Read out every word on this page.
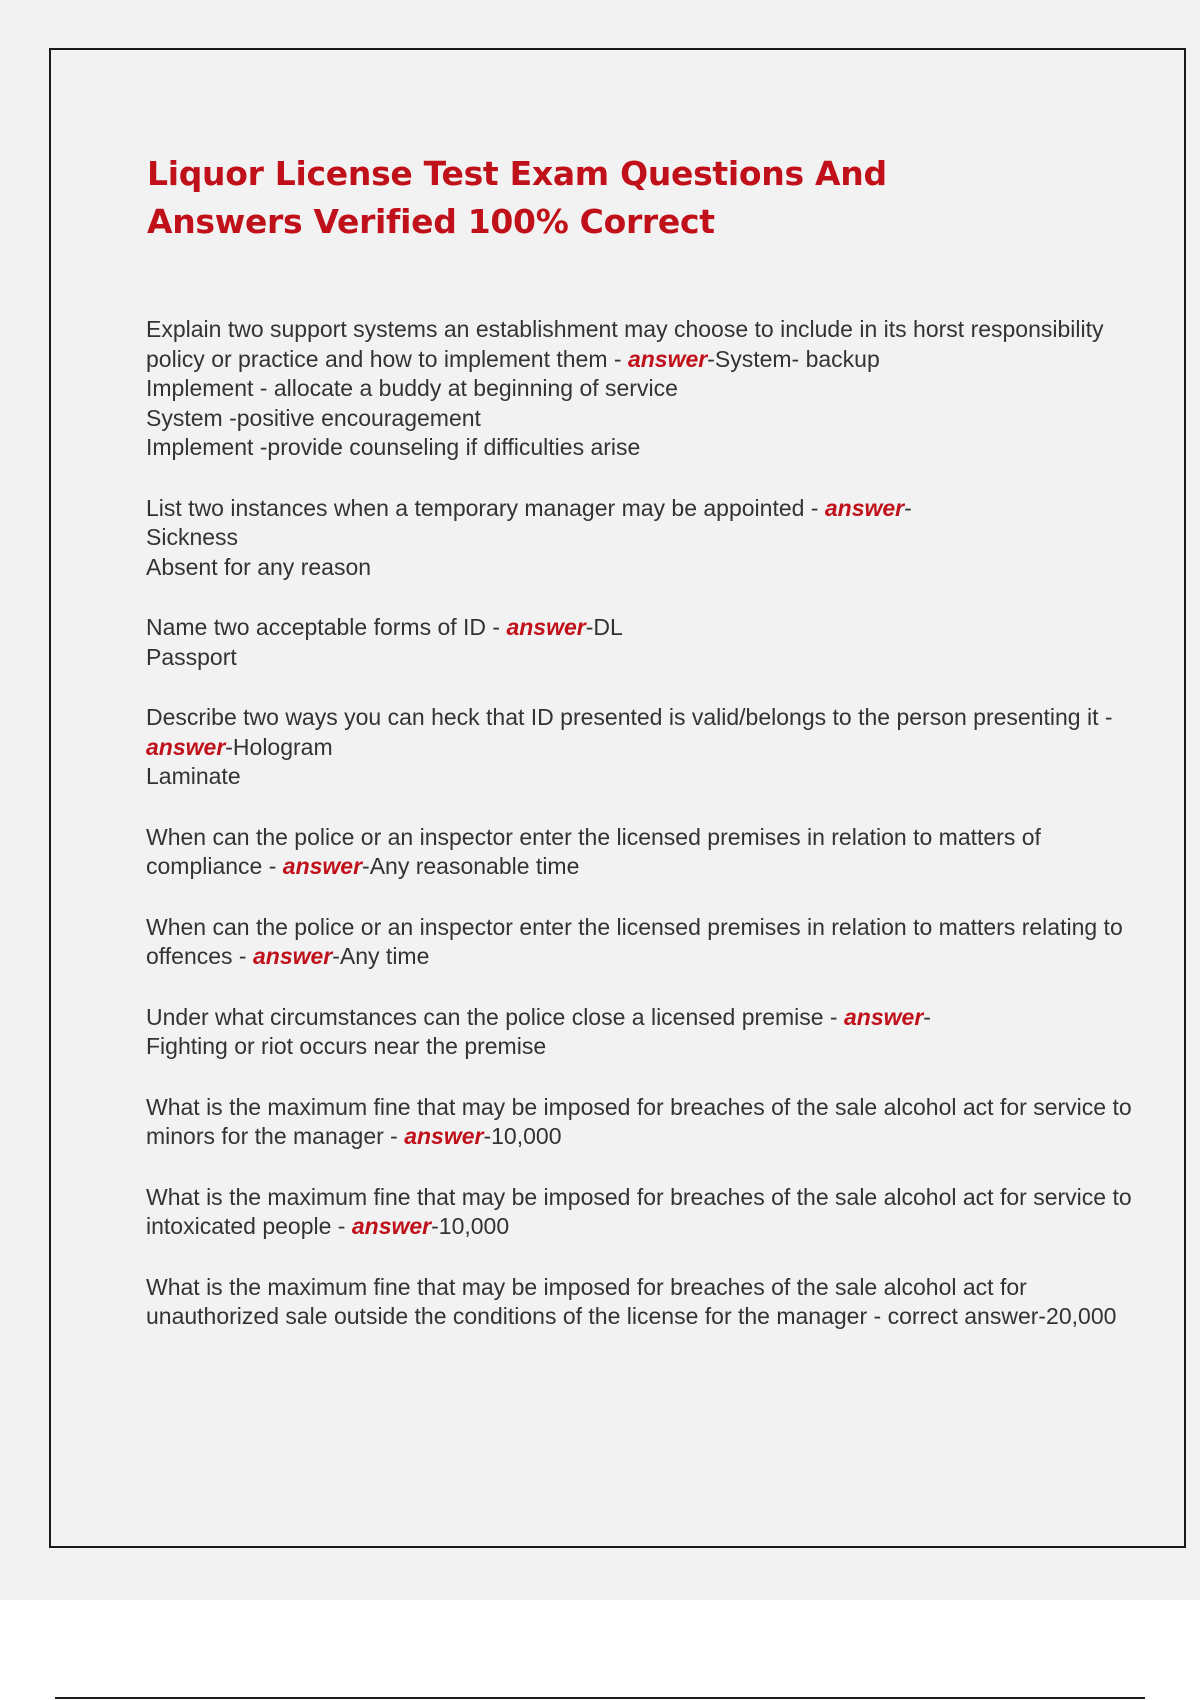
Liquor License Test Exam Questions And Answers Verified 100% Correct

Explain two support systems an establishment may choose to include in its horst responsibility policy or practice and how to implement them - answer-System- backup
Implement - allocate a buddy at beginning of service
System -positive encouragement
Implement -provide counseling if difficulties arise

List two instances when a temporary manager may be appointed - answer-
Sickness
Absent for any reason

Name two acceptable forms of ID - answer-DL
Passport

Describe two ways you can heck that ID presented is valid/belongs to the person presenting it - answer-Hologram
Laminate

When can the police or an inspector enter the licensed premises in relation to matters of compliance - answer-Any reasonable time

When can the police or an inspector enter the licensed premises in relation to matters relating to offences - answer-Any time

Under what circumstances can the police close a licensed premise - answer-
Fighting or riot occurs near the premise

What is the maximum fine that may be imposed for breaches of the sale alcohol act for service to minors for the manager - answer-10,000

What is the maximum fine that may be imposed for breaches of the sale alcohol act for service to intoxicated people - answer-10,000

What is the maximum fine that may be imposed for breaches of the sale alcohol act for unauthorized sale outside the conditions of the license for the manager - correct answer-20,000
